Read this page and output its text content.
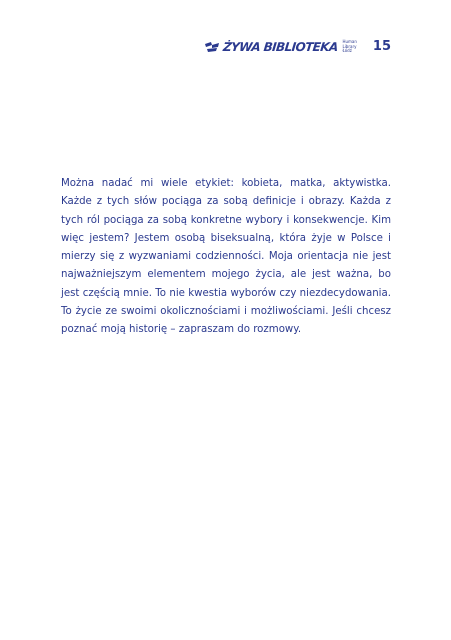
ŻYWA BIBLIOTEKA Human
Library
Łódź	15

Można nadać mi wiele etykiet: kobieta, matka, aktywistka. Każde z tych słów pociąga za sobą definicje i obrazy. Każda z tych ról pociąga za sobą konkretne wybory i konsekwencje. Kim więc jestem? Jestem osobą biseksualną, która żyje w Polsce i mierzy się z wyzwaniami codzienności. Moja orientacja nie jest najważniejszym elementem mojego życia, ale jest ważna, bo jest częścią mnie. To nie kwestia wyborów czy niezdecydowania. To życie ze swoimi okolicznościami i możliwościami. Jeśli chcesz poznać moją historię – zapraszam do rozmowy.
